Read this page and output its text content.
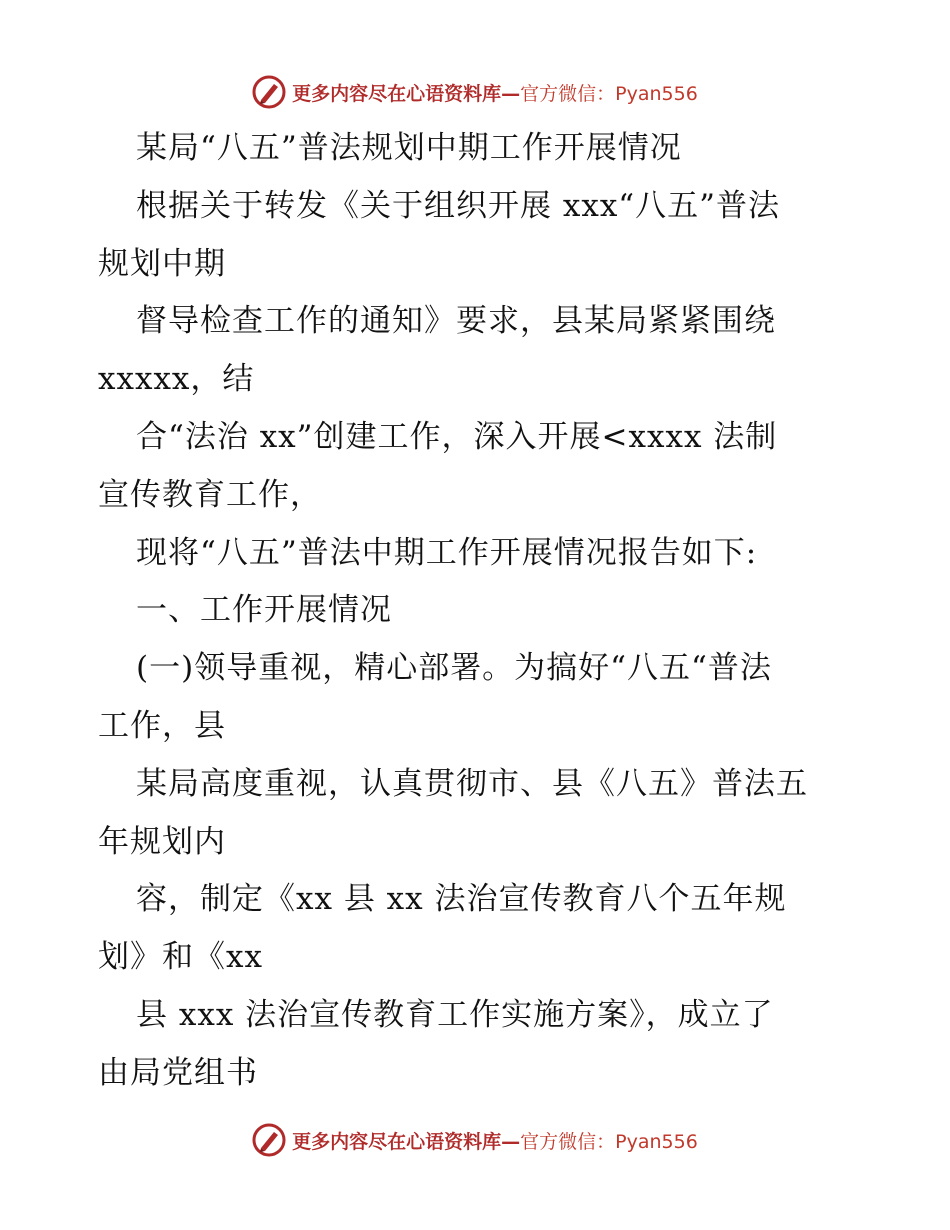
更多内容尽在心语资料库—官方微信：Pyan556
某局“八五”普法规划中期工作开展情况
根据关于转发《关于组织开展 xxx“八五”普法
规划中期
督导检查工作的通知》要求，县某局紧紧围绕
xxxxx，结
合“法治 xx”创建工作，深入开展<xxxx 法制
宣传教育工作，
现将“八五”普法中期工作开展情况报告如下:
一、工作开展情况
(一)领导重视，精心部署。为搞好“八五“普法
工作，县
某局高度重视，认真贯彻市、县《八五》普法五
年规划内
容，制定《xx 县 xx 法治宣传教育八个五年规
划》和《xx
县 xxx 法治宣传教育工作实施方案》，成立了
由局党组书
更多内容尽在心语资料库—官方微信：Pyan556
